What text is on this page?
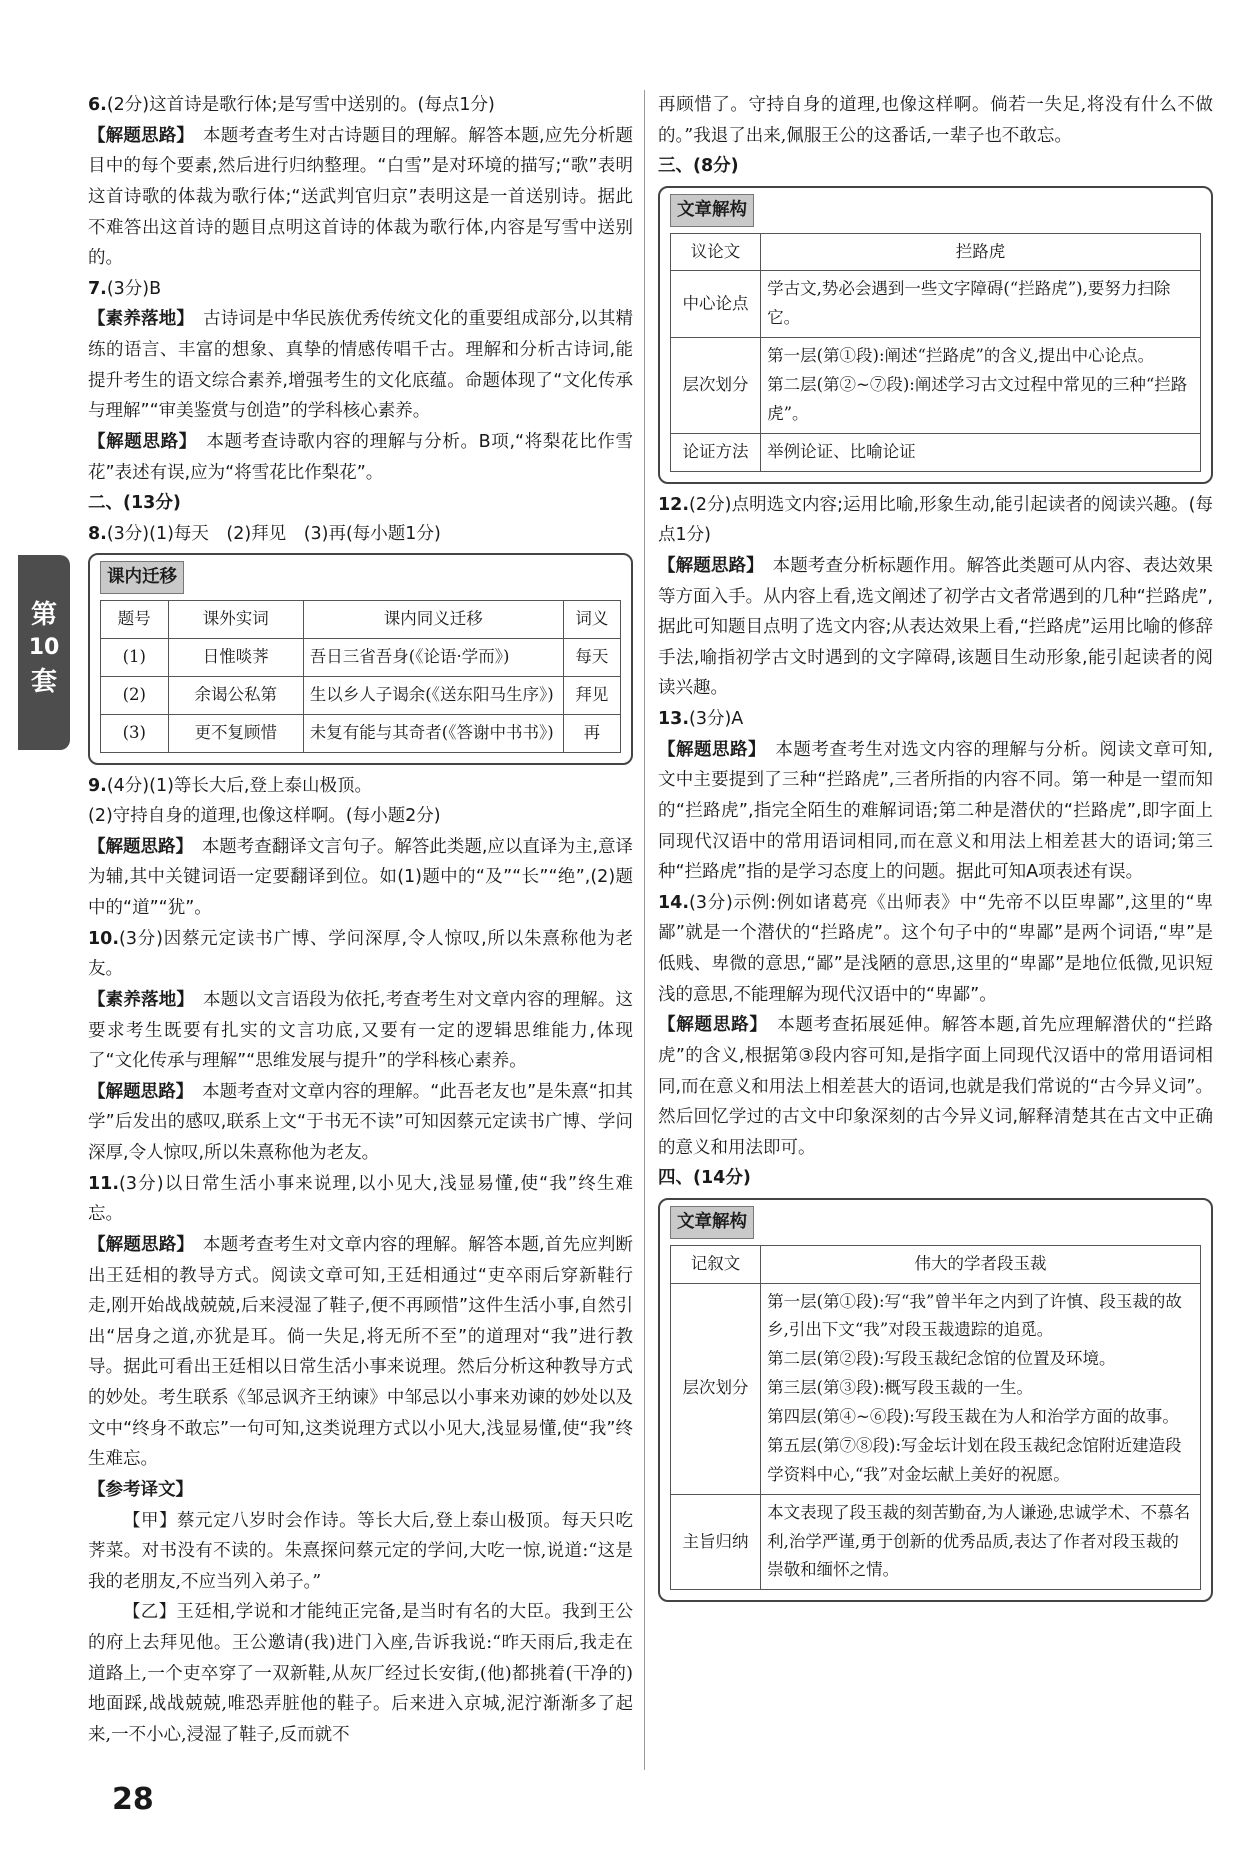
第
10
套

6.(2分)这首诗是歌行体;是写雪中送别的。(每点1分)

【解题思路】　 本题考查考生对古诗题目的理解。解答本题,应先分析题目中的每个要素,然后进行归纳整理。“白雪”是对环境的描写;“歌”表明这首诗歌的体裁为歌行体;“送武判官归京”表明这是一首送别诗。据此不难答出这首诗的题目点明这首诗的体裁为歌行体,内容是写雪中送别的。

7.(3分)B

【素养落地】　 古诗词是中华民族优秀传统文化的重要组成部分,以其精练的语言、丰富的想象、真挚的情感传唱千古。理解和分析古诗词,能提升考生的语文综合素养,增强考生的文化底蕴。命题体现了“文化传承与理解”“审美鉴赏与创造”的学科核心素养。

【解题思路】　 本题考查诗歌内容的理解与分析。B项,“将梨花比作雪花”表述有误,应为“将雪花比作梨花”。

二、(13分)

8.(3分)(1)每天　(2)拜见　(3)再(每小题1分)

课内迁移
题号	课外实词	课内同义迁移	词义
(1)	日惟啖荠	吾日三省吾身(《论语·学而》)	每天
(2)	余谒公私第	生以乡人子谒余(《送东阳马生序》)	拜见
(3)	更不复顾惜	未复有能与其奇者(《答谢中书书》)	再

9.(4分)(1)等长大后,登上泰山极顶。

(2)守持自身的道理,也像这样啊。(每小题2分)

【解题思路】　 本题考查翻译文言句子。解答此类题,应以直译为主,意译为辅,其中关键词语一定要翻译到位。如(1)题中的“及”“长”“绝”,(2)题中的“道”“犹”。

10.(3分)因蔡元定读书广博、学问深厚,令人惊叹,所以朱熹称他为老友。

【素养落地】　 本题以文言语段为依托,考查考生对文章内容的理解。这要求考生既要有扎实的文言功底,又要有一定的逻辑思维能力,体现了“文化传承与理解”“思维发展与提升”的学科核心素养。

【解题思路】　 本题考查对文章内容的理解。“此吾老友也”是朱熹“扣其学”后发出的感叹,联系上文“于书无不读”可知因蔡元定读书广博、学问深厚,令人惊叹,所以朱熹称他为老友。

11.(3分)以日常生活小事来说理,以小见大,浅显易懂,使“我”终生难忘。

【解题思路】　 本题考查考生对文章内容的理解。解答本题,首先应判断出王廷相的教导方式。阅读文章可知,王廷相通过“吏卒雨后穿新鞋行走,刚开始战战兢兢,后来浸湿了鞋子,便不再顾惜”这件生活小事,自然引出“居身之道,亦犹是耳。倘一失足,将无所不至”的道理对“我”进行教导。据此可看出王廷相以日常生活小事来说理。然后分析这种教导方式的妙处。考生联系《邹忌讽齐王纳谏》中邹忌以小事来劝谏的妙处以及文中“终身不敢忘”一句可知,这类说理方式以小见大,浅显易懂,使“我”终生难忘。

【参考译文】

【甲】蔡元定八岁时会作诗。等长大后,登上泰山极顶。每天只吃荠菜。对书没有不读的。朱熹探问蔡元定的学问,大吃一惊,说道:“这是我的老朋友,不应当列入弟子。”

【乙】王廷相,学说和才能纯正完备,是当时有名的大臣。我到王公的府上去拜见他。王公邀请(我)进门入座,告诉我说:“昨天雨后,我走在道路上,一个吏卒穿了一双新鞋,从灰厂经过长安街,(他)都挑着(干净的)地面踩,战战兢兢,唯恐弄脏他的鞋子。后来进入京城,泥泞渐渐多了起来,一不小心,浸湿了鞋子,反而就不

再顾惜了。守持自身的道理,也像这样啊。倘若一失足,将没有什么不做的。”我退了出来,佩服王公的这番话,一辈子也不敢忘。

三、(8分)

文章解构
议论文	拦路虎
中心论点	学古文,势必会遇到一些文字障碍(“拦路虎”),要努力扫除它。
层次划分	第一层(第①段):阐述“拦路虎”的含义,提出中心论点。
第二层(第②~⑦段):阐述学习古文过程中常见的三种“拦路虎”。

论证方法	举例论证、比喻论证

12.(2分)点明选文内容;运用比喻,形象生动,能引起读者的阅读兴趣。(每点1分)

【解题思路】　 本题考查分析标题作用。解答此类题可从内容、表达效果等方面入手。从内容上看,选文阐述了初学古文者常遇到的几种“拦路虎”,据此可知题目点明了选文内容;从表达效果上看,“拦路虎”运用比喻的修辞手法,喻指初学古文时遇到的文字障碍,该题目生动形象,能引起读者的阅读兴趣。

13.(3分)A

【解题思路】　 本题考查考生对选文内容的理解与分析。阅读文章可知,文中主要提到了三种“拦路虎”,三者所指的内容不同。第一种是一望而知的“拦路虎”,指完全陌生的难解词语;第二种是潜伏的“拦路虎”,即字面上同现代汉语中的常用语词相同,而在意义和用法上相差甚大的语词;第三种“拦路虎”指的是学习态度上的问题。据此可知A项表述有误。

14.(3分)示例:例如诸葛亮《出师表》中“先帝不以臣卑鄙”,这里的“卑鄙”就是一个潜伏的“拦路虎”。这个句子中的“卑鄙”是两个词语,“卑”是低贱、卑微的意思,“鄙”是浅陋的意思,这里的“卑鄙”是地位低微,见识短浅的意思,不能理解为现代汉语中的“卑鄙”。

【解题思路】　 本题考查拓展延伸。解答本题,首先应理解潜伏的“拦路虎”的含义,根据第③段内容可知,是指字面上同现代汉语中的常用语词相同,而在意义和用法上相差甚大的语词,也就是我们常说的“古今异义词”。然后回忆学过的古文中印象深刻的古今异义词,解释清楚其在古文中正确的意义和用法即可。

四、(14分)

文章解构
记叙文	伟大的学者段玉裁
层次划分	第一层(第①段):写“我”曾半年之内到了许慎、段玉裁的故乡,引出下文“我”对段玉裁遗踪的追觅。
第二层(第②段):写段玉裁纪念馆的位置及环境。
第三层(第③段):概写段玉裁的一生。
第四层(第④~⑥段):写段玉裁在为人和治学方面的故事。
第五层(第⑦⑧段):写金坛计划在段玉裁纪念馆附近建造段学资料中心,“我”对金坛献上美好的祝愿。

主旨归纳	本文表现了段玉裁的刻苦勤奋,为人谦逊,忠诚学术、不慕名利,治学严谨,勇于创新的优秀品质,表达了作者对段玉裁的崇敬和缅怀之情。
28
